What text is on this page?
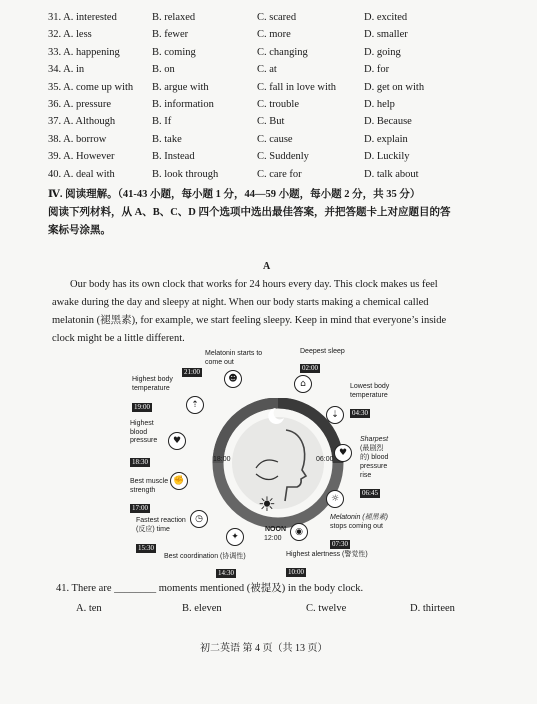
31. A. interested	B. relaxed	C. scared	D. excited
32. A. less	B. fewer	C. more	D. smaller
33. A. happening	B. coming	C. changing	D. going
34. A. in	B. on	C. at	D. for
35. A. come up with B. argue with	C. fall in love with	D. get on with
36. A. pressure	B. information	C. trouble	D. help
37. A. Although	B. If	C. But	D. Because
38. A. borrow	B. take	C. cause	D. explain
39. A. However	B. Instead	C. Suddenly	D. Luckily
40. A. deal with	B. look through	C. care for	D. talk about
Ⅳ. 阅读理解。（41-43 小题，每小题 1 分，44—59 小题，每小题 2 分，共 35 分）
阅读下列材料，从 A、B、C、D 四个选项中选出最佳答案，并把答题卡上对应题目的答
案标号涂黑。
A
Our body has its own clock that works for 24 hours every day. This clock makes us feel
awake during the day and sleepy at night. When our body starts making a chemical called
melatonin (褪黑素), for example, we start feeling sleepy. Keep in mind that everyone’s inside
clock might be a little different.
☀
18:00	06:00
NOON
12:00
Melatonin starts to come out
21:00
☻
Deepest sleep
02:00
⌂
Highest body temperature
19:00	⇡
Lowest body temperature
04:30
⇣
Highest blood pressure
18:30
♥	Sharpest
(最剧烈
的) blood
pressure
rise
06:45
♥
Best muscle strength
17:00
✊
Melatonin (褪黑素)
stops coming out
07:30
☼
Fastest reaction
(反应) time
15:30
◷
Highest alertness (警觉性)
10:00
◉
Best coordination (协调性)
14:30
✦
41. There are ________ moments mentioned (被提及) in the body clock.
A. ten	B. eleven	C. twelve	D. thirteen
初二英语 第 4 页（共 13 页）
